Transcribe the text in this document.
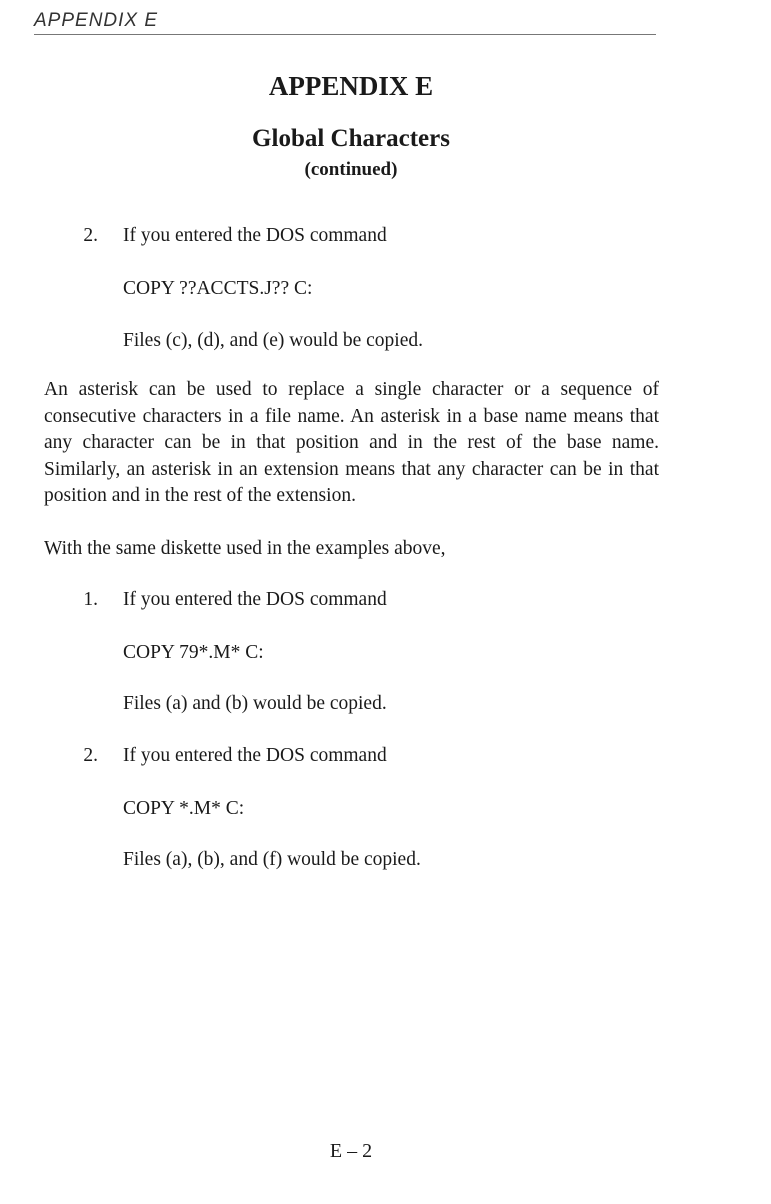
APPENDIX E
APPENDIX E
Global Characters
(continued)
2. If you entered the DOS command
COPY ??ACCTS.J?? C:
Files (c), (d), and (e) would be copied.
An asterisk can be used to replace a single character or a sequence of consecutive characters in a file name. An asterisk in a base name means that any character can be in that position and in the rest of the base name. Similarly, an asterisk in an extension means that any character can be in that position and in the rest of the extension.
With the same diskette used in the examples above,
1. If you entered the DOS command
COPY 79*.M* C:
Files (a) and (b) would be copied.
2. If you entered the DOS command
COPY *.M* C:
Files (a), (b), and (f) would be copied.
E – 2
